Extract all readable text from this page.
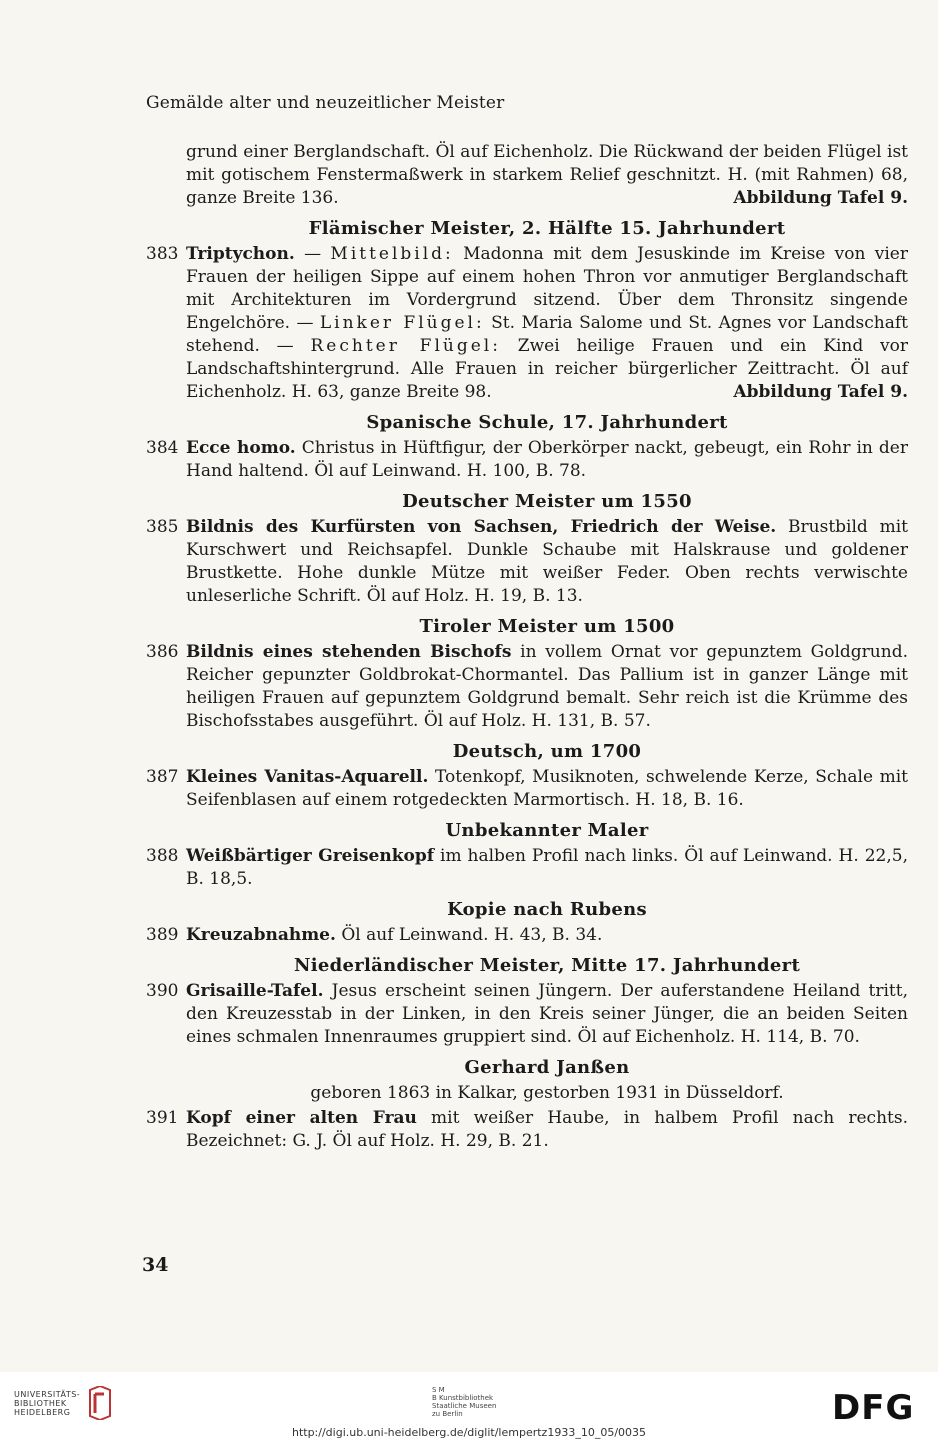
Gemälde alter und neuzeitlicher Meister

grund einer Berglandschaft. Öl auf Eichenholz. Die Rückwand der beiden Flügel ist mit gotischem Fenstermaßwerk in starkem Relief geschnitzt. H. (mit Rahmen) 68, ganze Breite 136.	Abbildung Tafel 9.

Flämischer Meister, 2. Hälfte 15. Jahrhundert
383 Triptychon. — Mittelbild: Madonna mit dem Jesuskinde im Kreise von vier Frauen der heiligen Sippe auf einem hohen Thron vor anmutiger Berglandschaft mit Architekturen im Vordergrund sitzend. Über dem Thronsitz singende Engelchöre. — Linker Flügel: St. Maria Salome und St. Agnes vor Landschaft stehend. — Rechter Flügel: Zwei heilige Frauen und ein Kind vor Landschaftshintergrund. Alle Frauen in reicher bürgerlicher Zeittracht. Öl auf Eichenholz. H. 63, ganze Breite 98.	Abbildung Tafel 9.
Spanische Schule, 17. Jahrhundert
384 Ecce homo. Christus in Hüftfigur, der Oberkörper nackt, gebeugt, ein Rohr in der Hand haltend. Öl auf Leinwand. H. 100, B. 78.
Deutscher Meister um 1550
385 Bildnis des Kurfürsten von Sachsen, Friedrich der Weise. Brustbild mit Kurschwert und Reichsapfel. Dunkle Schaube mit Halskrause und goldener Brustkette. Hohe dunkle Mütze mit weißer Feder. Oben rechts verwischte unleserliche Schrift. Öl auf Holz. H. 19, B. 13.
Tiroler Meister um 1500
386 Bildnis eines stehenden Bischofs in vollem Ornat vor gepunztem Goldgrund. Reicher gepunzter Goldbrokat-Chormantel. Das Pallium ist in ganzer Länge mit heiligen Frauen auf gepunztem Goldgrund bemalt. Sehr reich ist die Krümme des Bischofsstabes ausgeführt. Öl auf Holz. H. 131, B. 57.
Deutsch, um 1700
387 Kleines Vanitas-Aquarell. Totenkopf, Musiknoten, schwelende Kerze, Schale mit Seifenblasen auf einem rotgedeckten Marmortisch. H. 18, B. 16.
Unbekannter Maler
388 Weißbärtiger Greisenkopf im halben Profil nach links. Öl auf Leinwand. H. 22,5, B. 18,5.
Kopie nach Rubens
389 Kreuzabnahme. Öl auf Leinwand. H. 43, B. 34.
Niederländischer Meister, Mitte 17. Jahrhundert
390 Grisaille-Tafel. Jesus erscheint seinen Jüngern. Der auferstandene Heiland tritt, den Kreuzesstab in der Linken, in den Kreis seiner Jünger, die an beiden Seiten eines schmalen Innenraumes gruppiert sind. Öl auf Eichenholz. H. 114, B. 70.
Gerhard Janßen
geboren 1863 in Kalkar, gestorben 1931 in Düsseldorf.
391 Kopf einer alten Frau mit weißer Haube, in halbem Profil nach rechts. Bezeichnet: G. J. Öl auf Holz. H. 29, B. 21.
34
UNIVERSITÄTS-
BIBLIOTHEK
HEIDELBERG
S M
B Kunstbibliothek
Staatliche Museen
zu Berlin	DFG
http://digi.ub.uni-heidelberg.de/diglit/lempertz1933_10_05/0035
